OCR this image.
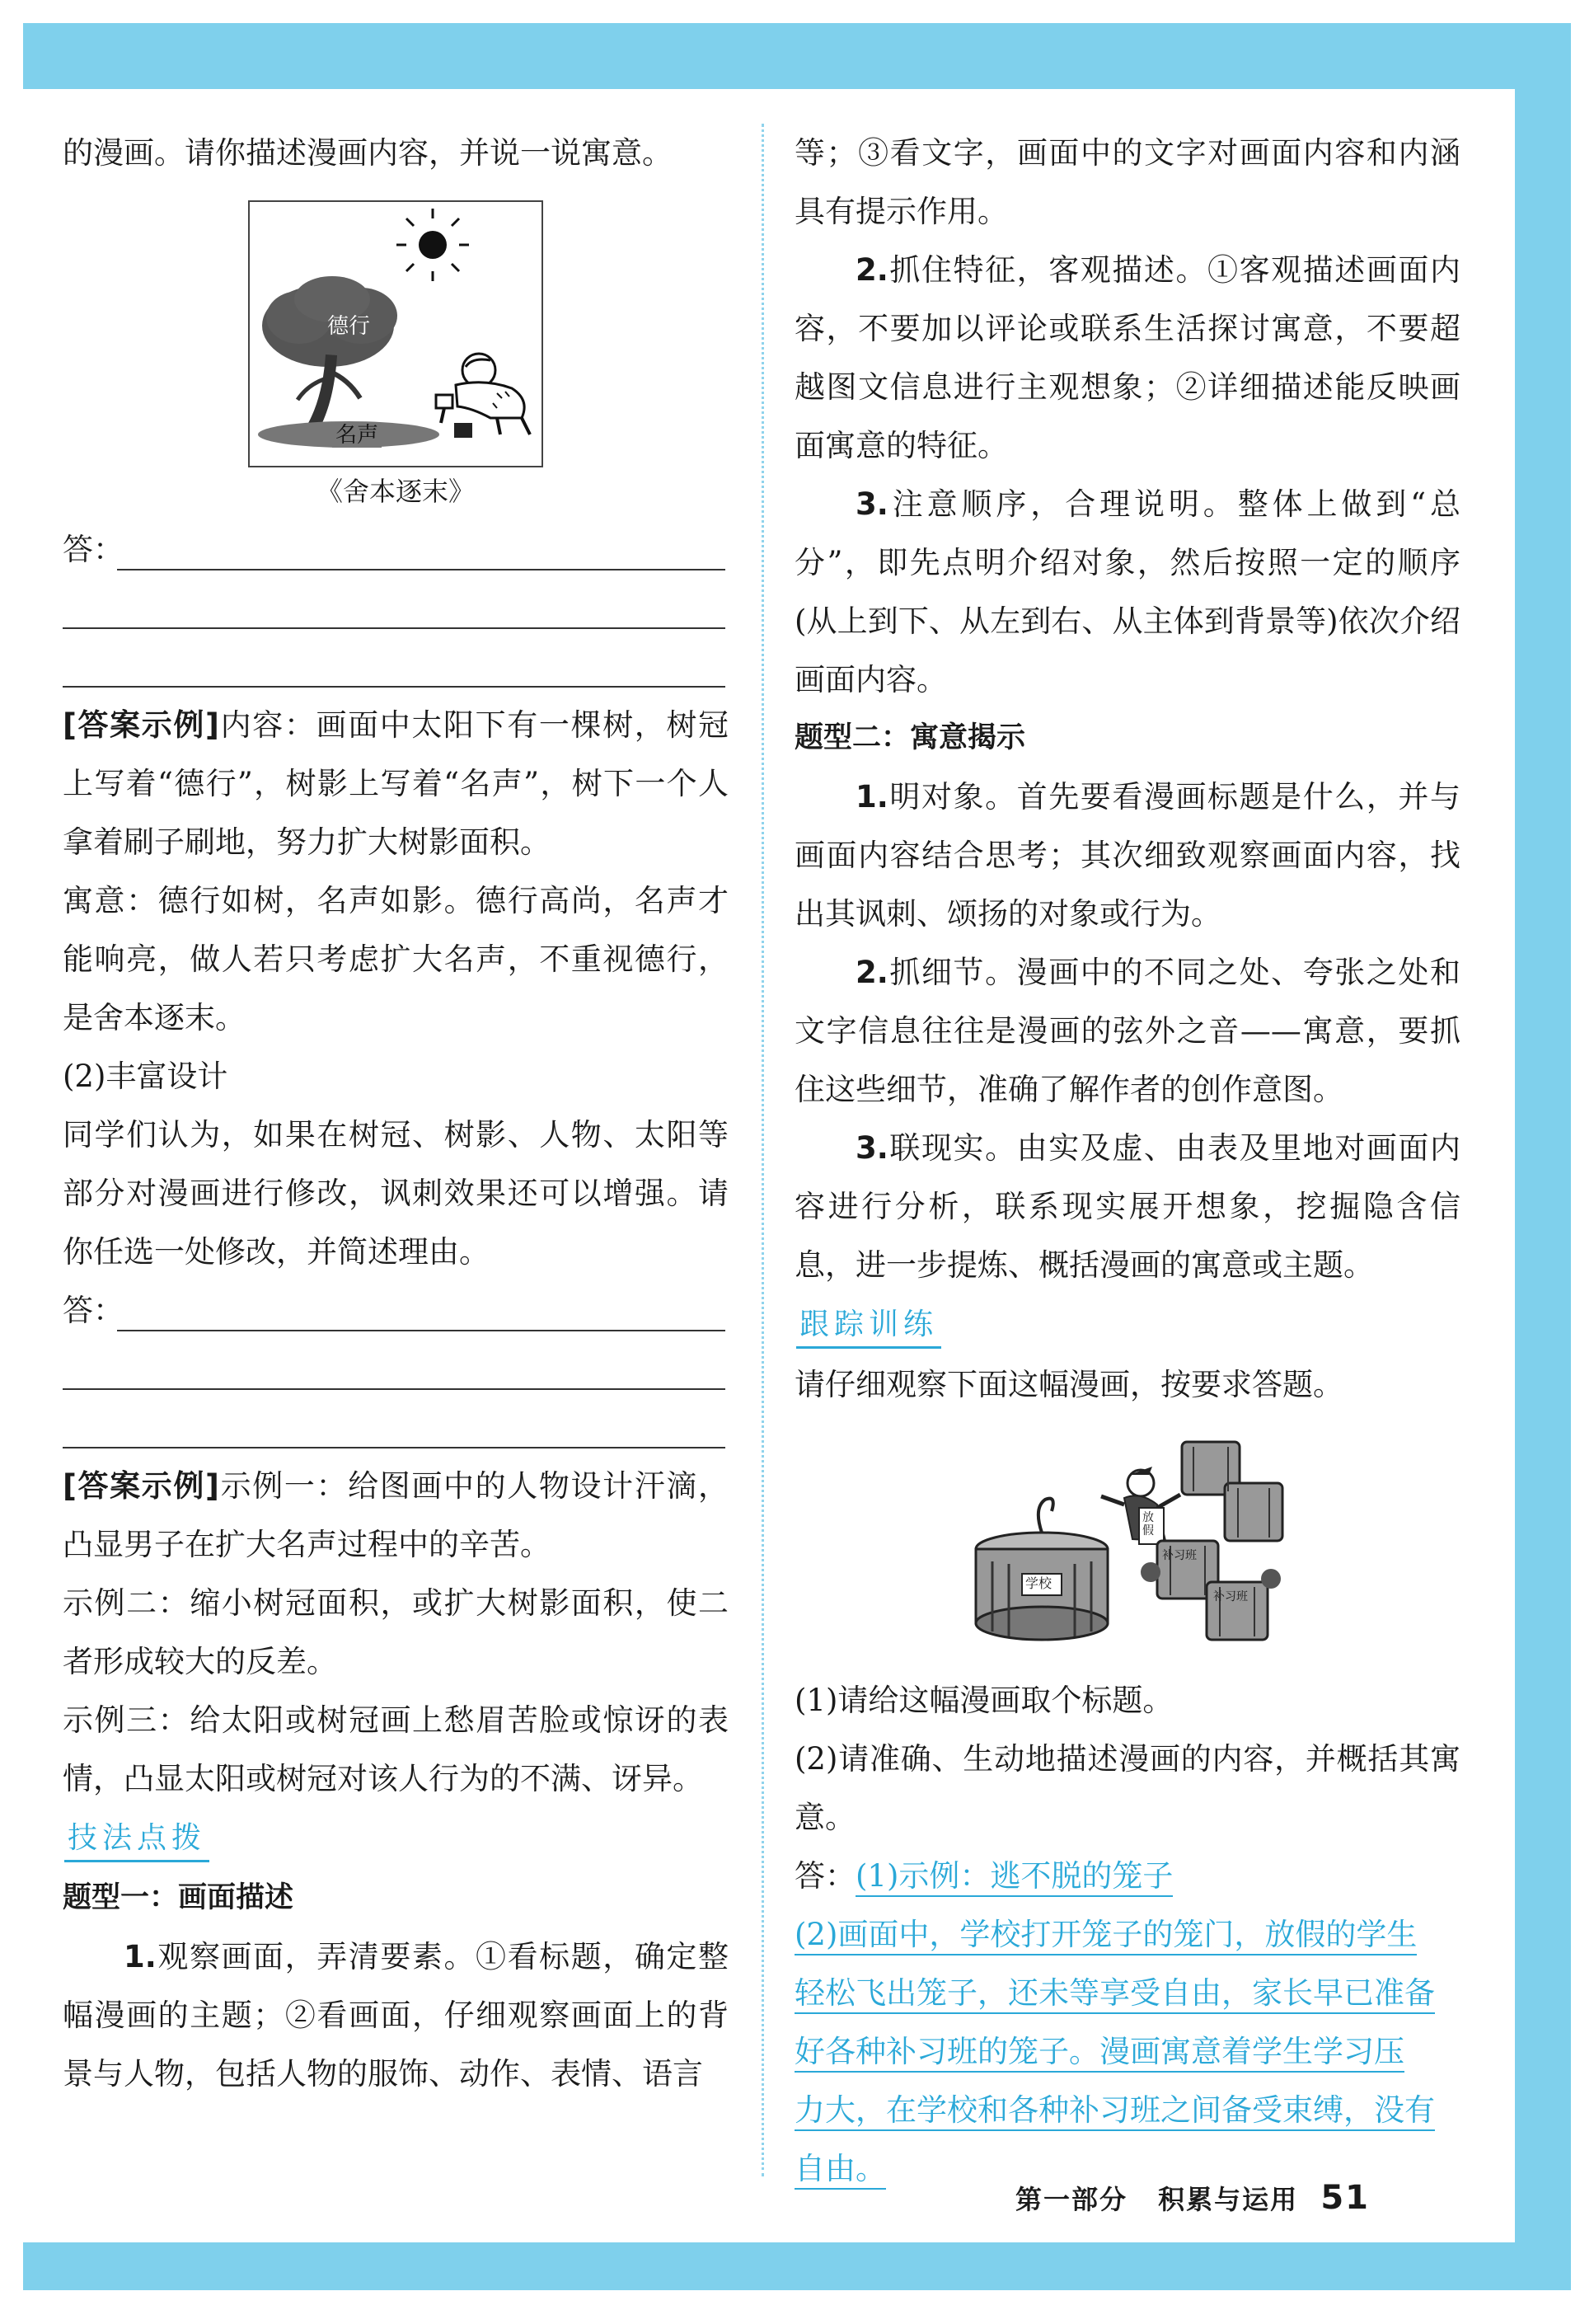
的漫画。请你描述漫画内容，并说一说寓意。

德行
名声
《舍本逐末》
答：

[答案示例]内容：画面中太阳下有一棵树，树冠上写着“德行”，树影上写着“名声”，树下一个人拿着刷子刷地，努力扩大树影面积。

寓意：德行如树，名声如影。德行高尚，名声才能响亮，做人若只考虑扩大名声，不重视德行，是舍本逐末。

(2)丰富设计

同学们认为，如果在树冠、树影、人物、太阳等部分对漫画进行修改，讽刺效果还可以增强。请你任选一处修改，并简述理由。

答：

[答案示例]示例一：给图画中的人物设计汗滴，凸显男子在扩大名声过程中的辛苦。

示例二：缩小树冠面积，或扩大树影面积，使二者形成较大的反差。

示例三：给太阳或树冠画上愁眉苦脸或惊讶的表情，凸显太阳或树冠对该人行为的不满、讶异。

技法点拨

题型一：画面描述

1.观察画面，弄清要素。①看标题，确定整幅漫画的主题；②看画面，仔细观察画面上的背景与人物，包括人物的服饰、动作、表情、语言

等；③看文字，画面中的文字对画面内容和内涵具有提示作用。

2.抓住特征，客观描述。①客观描述画面内容，不要加以评论或联系生活探讨寓意，不要超越图文信息进行主观想象；②详细描述能反映画面寓意的特征。

3.注意顺序，合理说明。整体上做到“总分”，即先点明介绍对象，然后按照一定的顺序(从上到下、从左到右、从主体到背景等)依次介绍画面内容。

题型二：寓意揭示

1.明对象。首先要看漫画标题是什么，并与画面内容结合思考；其次细致观察画面内容，找出其讽刺、颂扬的对象或行为。

2.抓细节。漫画中的不同之处、夸张之处和文字信息往往是漫画的弦外之音——寓意，要抓住这些细节，准确了解作者的创作意图。

3.联现实。由实及虚、由表及里地对画面内容进行分析，联系现实展开想象，挖掘隐含信息，进一步提炼、概括漫画的寓意或主题。

跟踪训练

请仔细观察下面这幅漫画，按要求答题。

学校
放假
补习班
补习班

(1)请给这幅漫画取个标题。

(2)请准确、生动地描述漫画的内容，并概括其寓意。

答：(1)示例：逃不脱的笼子

(2)画面中，学校打开笼子的笼门，放假的学生

轻松飞出笼子，还未等享受自由，家长早已准备

好各种补习班的笼子。漫画寓意着学生学习压

力大，在学校和各种补习班之间备受束缚，没有

自由。

第一部分 积累与运用 51
